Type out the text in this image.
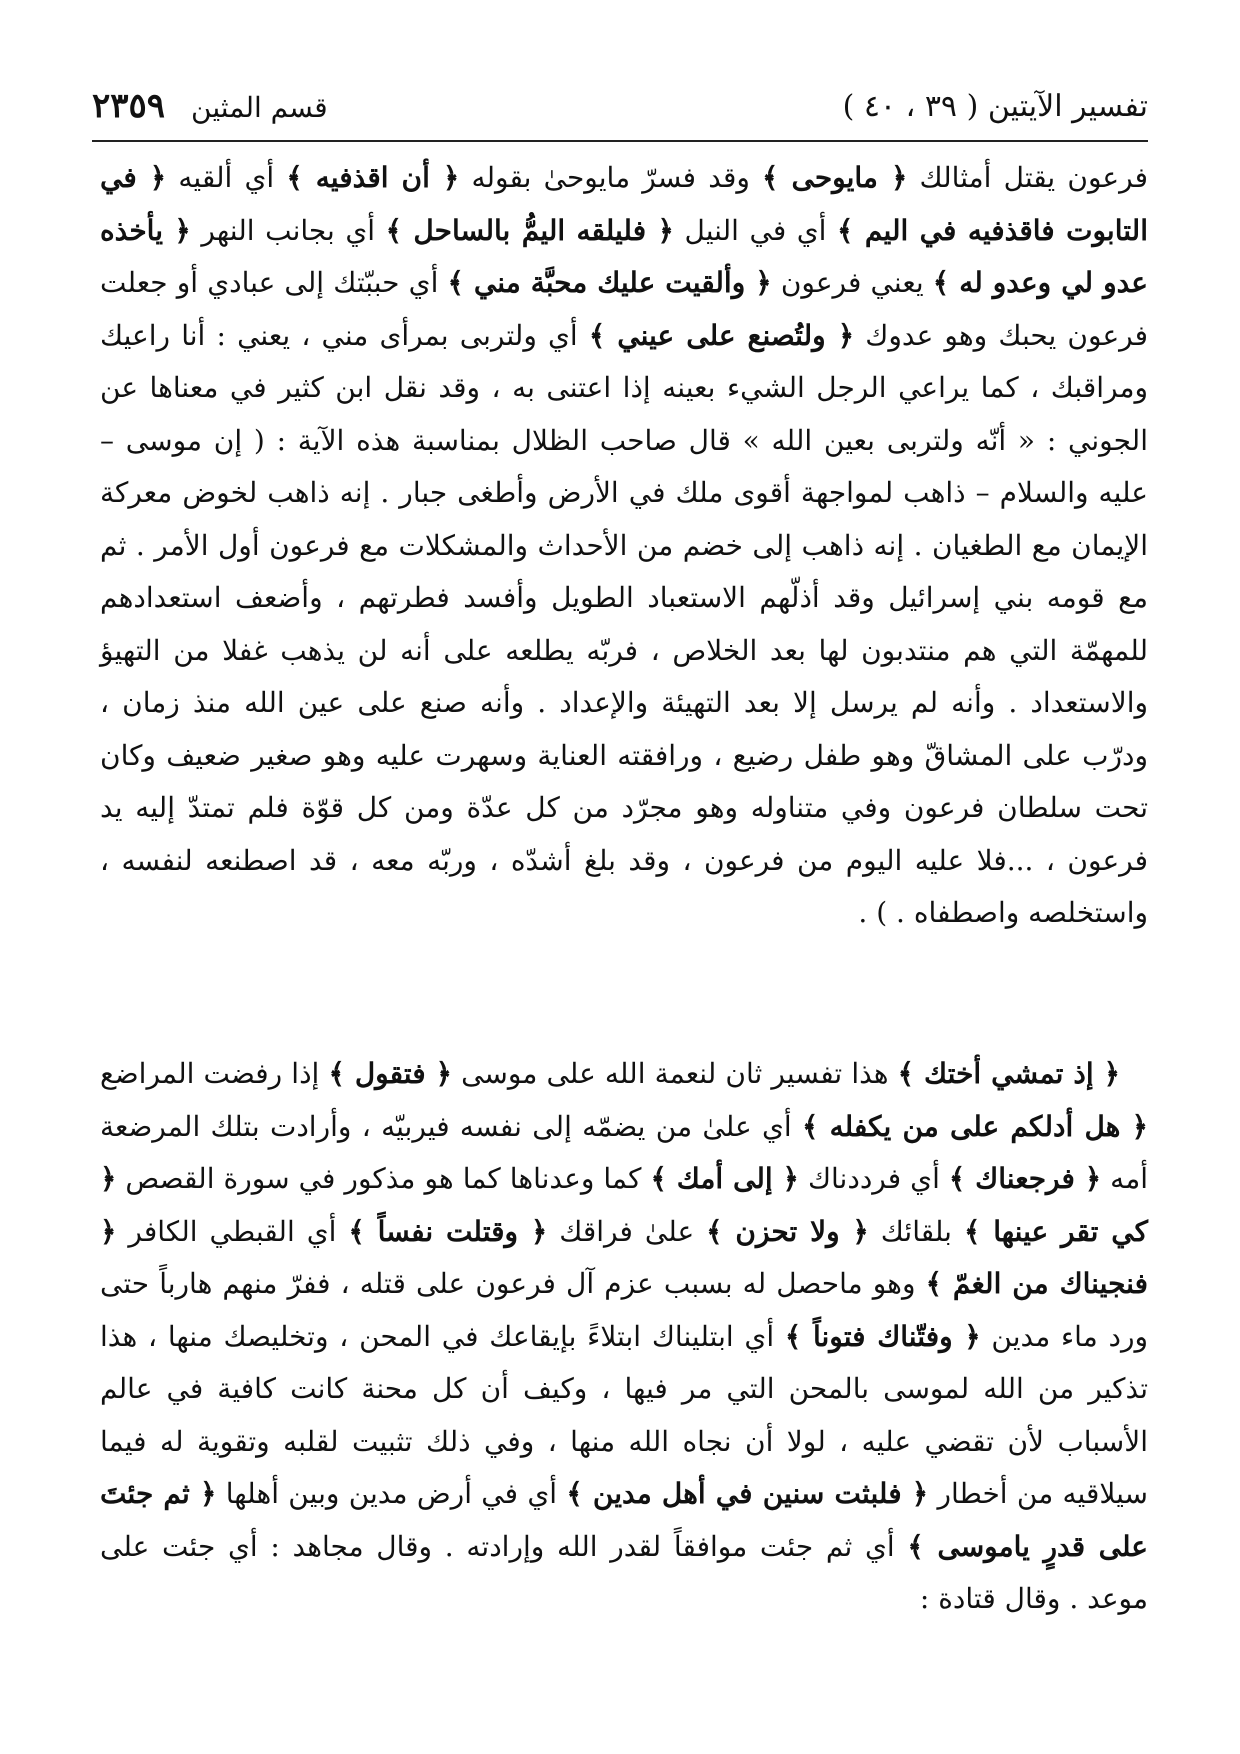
تفسير الآيتين ( ٣٩ ، ٤٠ )
قسم المثين
٢٣٥٩

فرعون يقتل أمثالك ﴿ مايوحى ﴾ وقد فسرّ مايوحىٰ بقوله ﴿ أن اقذفيه ﴾ أي ألقيه ﴿ في التابوت فاقذفيه في اليم ﴾ أي في النيل ﴿ فليلقه اليمُّ بالساحل ﴾ أي بجانب النهر ﴿ يأخذه عدو لي وعدو له ﴾ يعني فرعون ﴿ وألقيت عليك محبَّة مني ﴾ أي حببّتك إلى عبادي أو جعلت فرعون يحبك وهو عدوك ﴿ ولتُصنع على عيني ﴾ أي ولتربى بمرأى مني ، يعني : أنا راعيك ومراقبك ، كما يراعي الرجل الشيء بعينه إذا اعتنى به ، وقد نقل ابن كثير في معناها عن الجوني : « أنّه ولتربى بعين الله » قال صاحب الظلال بمناسبة هذه الآية : ( إن موسى – عليه والسلام – ذاهب لمواجهة أقوى ملك في الأرض وأطغى جبار . إنه ذاهب لخوض معركة الإيمان مع الطغيان . إنه ذاهب إلى خضم من الأحداث والمشكلات مع فرعون أول الأمر . ثم مع قومه بني إسرائيل وقد أذلّهم الاستعباد الطويل وأفسد فطرتهم ، وأضعف استعدادهم للمهمّة التي هم منتدبون لها بعد الخلاص ، فربّه يطلعه على أنه لن يذهب غفلا من التهيؤ والاستعداد . وأنه لم يرسل إلا بعد التهيئة والإعداد . وأنه صنع على عين الله منذ زمان ، ودرّب على المشاقّ وهو طفل رضيع ، ورافقته العناية وسهرت عليه وهو صغير ضعيف وكان تحت سلطان فرعون وفي متناوله وهو مجرّد من كل عدّة ومن كل قوّة فلم تمتدّ إليه يد فرعون ، ...فلا عليه اليوم من فرعون ، وقد بلغ أشدّه ، وربّه معه ، قد اصطنعه لنفسه ، واستخلصه واصطفاه . ) .

﴿ إذ تمشي أختك ﴾ هذا تفسير ثان لنعمة الله على موسى ﴿ فتقول ﴾ إذا رفضت المراضع ﴿ هل أدلكم على من يكفله ﴾ أي علىٰ من يضمّه إلى نفسه فيربيّه ، وأرادت بتلك المرضعة أمه ﴿ فرجعناك ﴾ أي فرددناك ﴿ إلى أمك ﴾ كما وعدناها كما هو مذكور في سورة القصص ﴿ كي تقر عينها ﴾ بلقائك ﴿ ولا تحزن ﴾ علىٰ فراقك ﴿ وقتلت نفساً ﴾ أي القبطي الكافر ﴿ فنجيناك من الغمّ ﴾ وهو ماحصل له بسبب عزم آل فرعون على قتله ، ففرّ منهم هارباً حتى ورد ماء مدين ﴿ وفتّناك فتوناً ﴾ أي ابتليناك ابتلاءً بإيقاعك في المحن ، وتخليصك منها ، هذا تذكير من الله لموسى بالمحن التي مر فيها ، وكيف أن كل محنة كانت كافية في عالم الأسباب لأن تقضي عليه ، لولا أن نجاه الله منها ، وفي ذلك تثبيت لقلبه وتقوية له فيما سيلاقيه من أخطار ﴿ فلبثت سنين في أهل مدين ﴾ أي في أرض مدين وبين أهلها ﴿ ثم جئتَ على قدرٍ ياموسى ﴾ أي ثم جئت موافقاً لقدر الله وإرادته . وقال مجاهد : أي جئت على موعد . وقال قتادة :
